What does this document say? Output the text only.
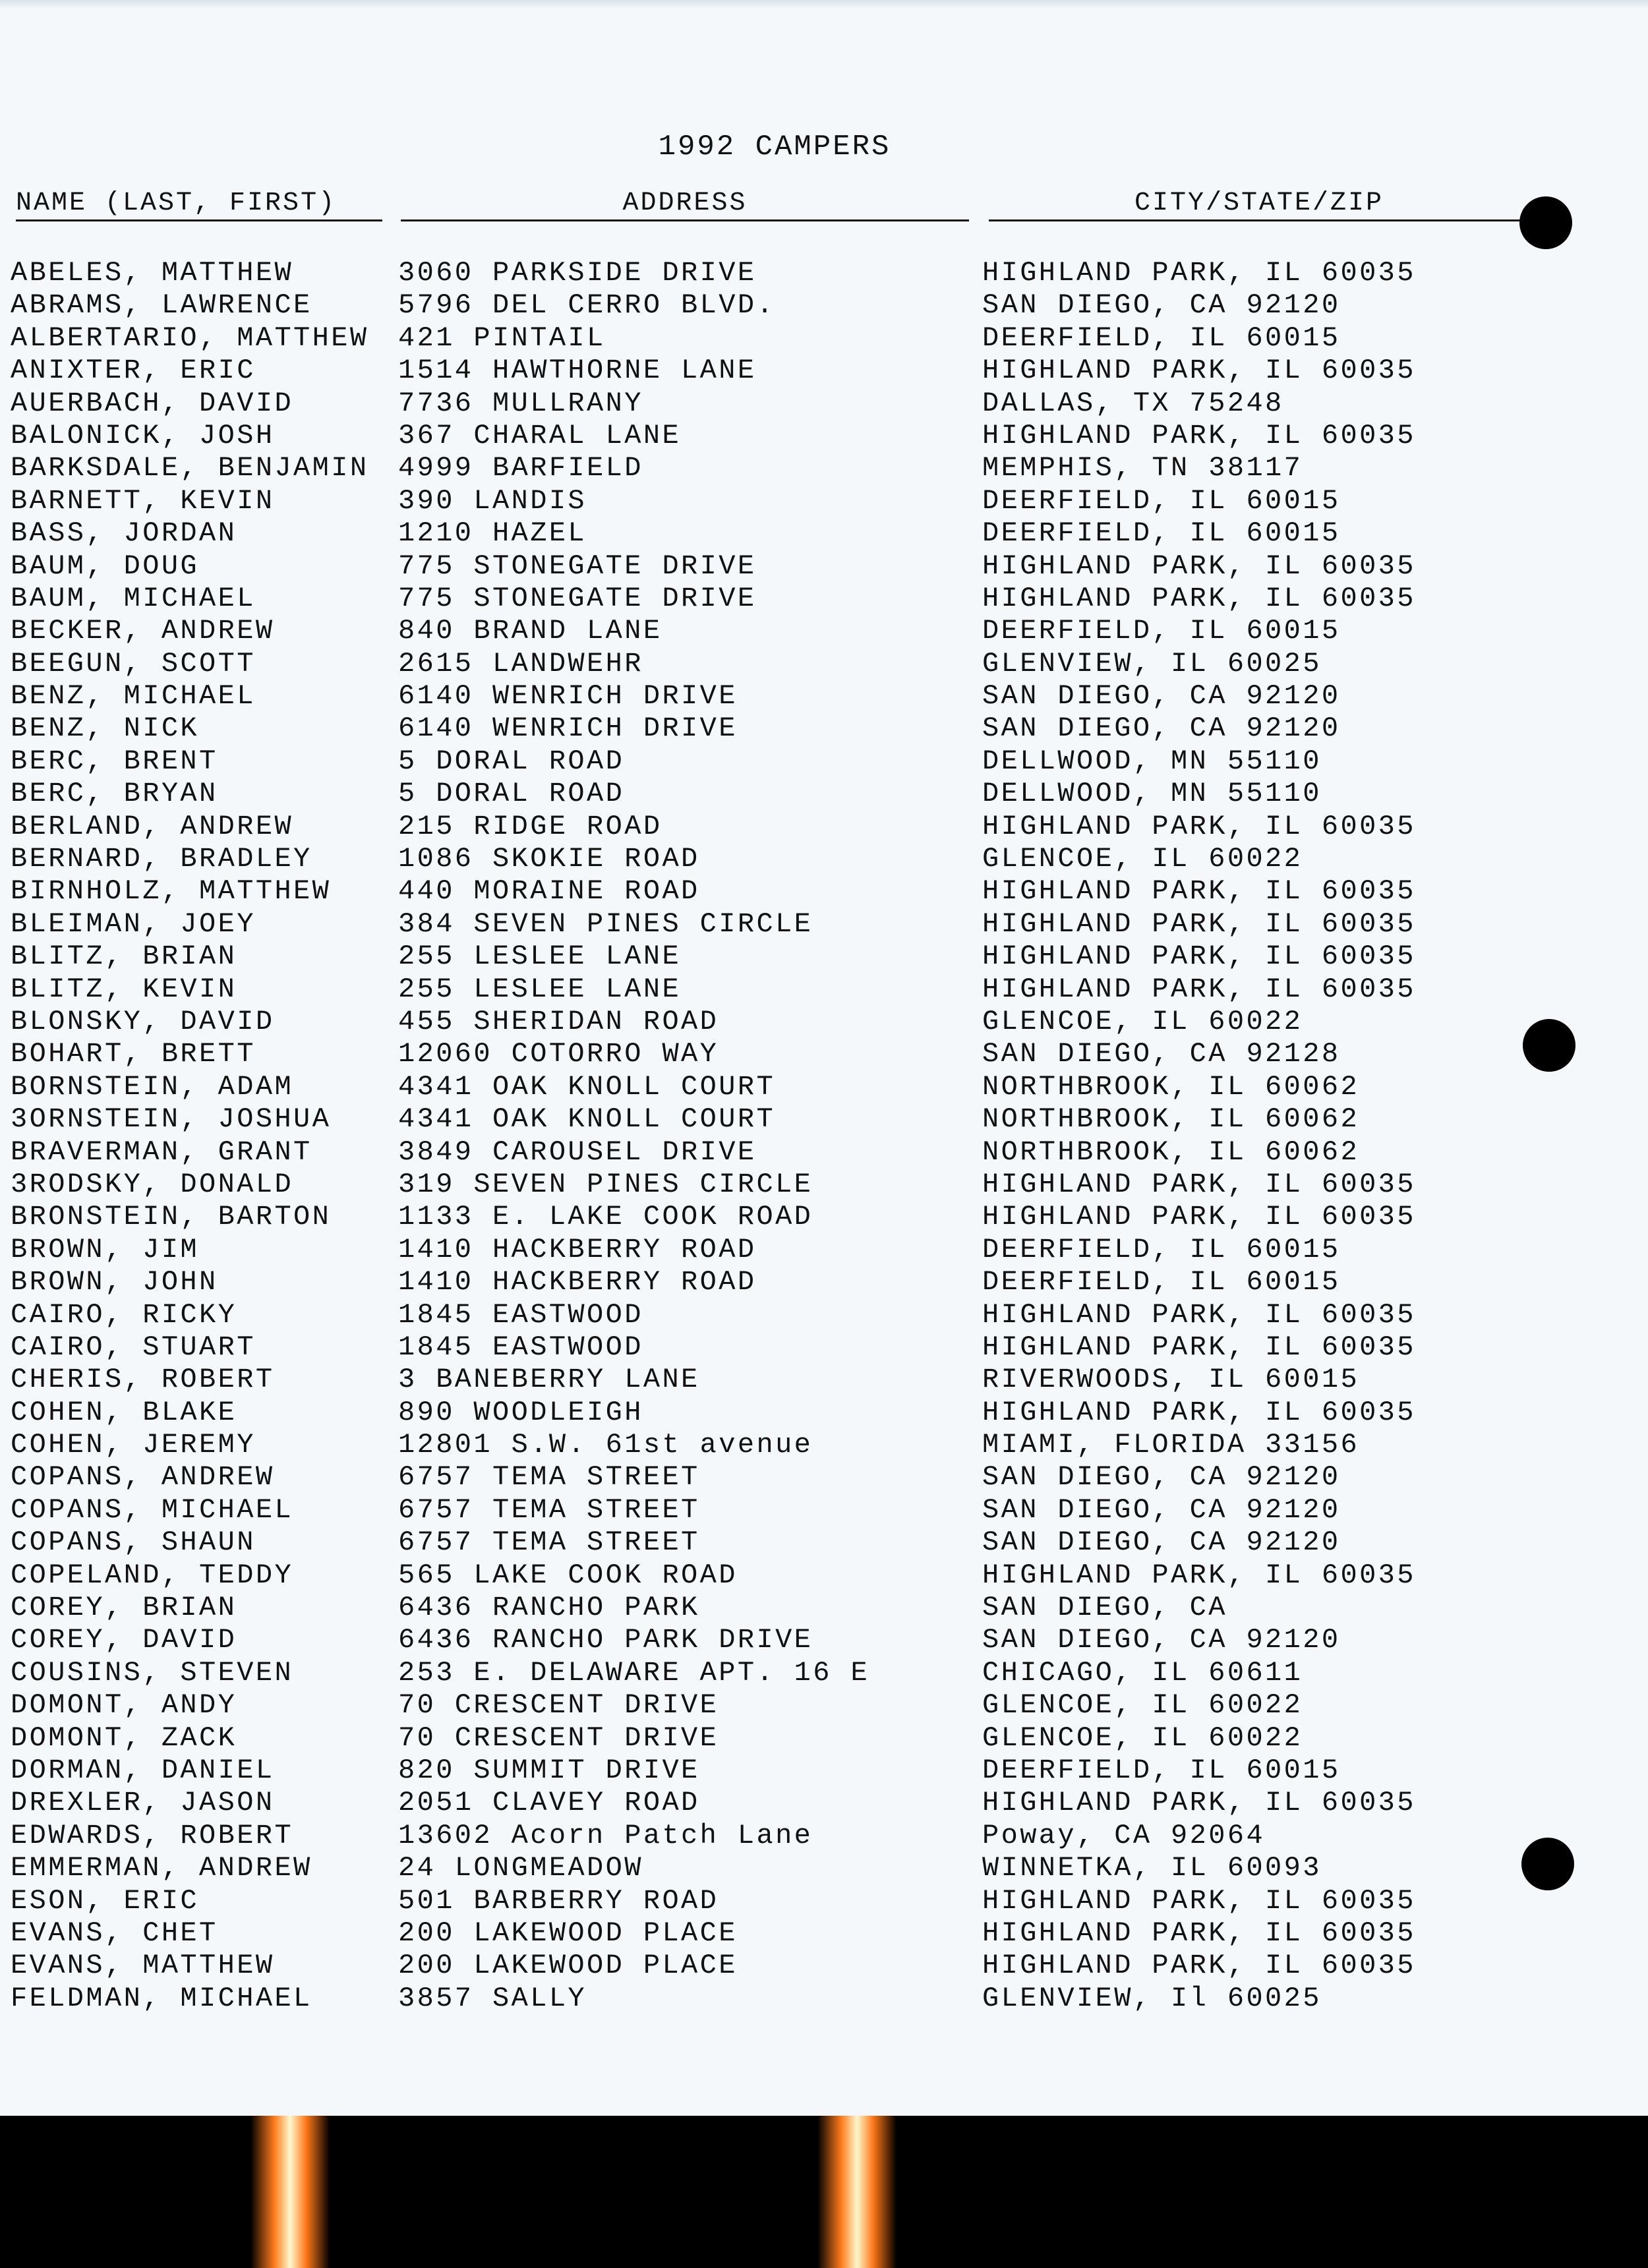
1992 CAMPERS
NAME (LAST, FIRST)	ADDRESS	CITY/STATE/ZIP
ABELES, MATTHEW	3060 PARKSIDE DRIVE	HIGHLAND PARK, IL 60035
ABRAMS, LAWRENCE	5796 DEL CERRO BLVD.	SAN DIEGO, CA 92120
ALBERTARIO, MATTHEW 421 PINTAIL	DEERFIELD, IL 60015
ANIXTER, ERIC	1514 HAWTHORNE LANE	HIGHLAND PARK, IL 60035
AUERBACH, DAVID	7736 MULLRANY	DALLAS, TX 75248
BALONICK, JOSH	367 CHARAL LANE	HIGHLAND PARK, IL 60035
BARKSDALE, BENJAMIN 4999 BARFIELD	MEMPHIS, TN 38117
BARNETT, KEVIN	390 LANDIS	DEERFIELD, IL 60015
BASS, JORDAN	1210 HAZEL	DEERFIELD, IL 60015
BAUM, DOUG	775 STONEGATE DRIVE	HIGHLAND PARK, IL 60035
BAUM, MICHAEL	775 STONEGATE DRIVE	HIGHLAND PARK, IL 60035
BECKER, ANDREW	840 BRAND LANE	DEERFIELD, IL 60015
BEEGUN, SCOTT	2615 LANDWEHR	GLENVIEW, IL 60025
BENZ, MICHAEL	6140 WENRICH DRIVE	SAN DIEGO, CA 92120
BENZ, NICK	6140 WENRICH DRIVE	SAN DIEGO, CA 92120
BERC, BRENT	5 DORAL ROAD	DELLWOOD, MN 55110
BERC, BRYAN	5 DORAL ROAD	DELLWOOD, MN 55110
BERLAND, ANDREW	215 RIDGE ROAD	HIGHLAND PARK, IL 60035
BERNARD, BRADLEY	1086 SKOKIE ROAD	GLENCOE, IL 60022
BIRNHOLZ, MATTHEW 440 MORAINE ROAD	HIGHLAND PARK, IL 60035
BLEIMAN, JOEY	384 SEVEN PINES CIRCLE	HIGHLAND PARK, IL 60035
BLITZ, BRIAN	255 LESLEE LANE	HIGHLAND PARK, IL 60035
BLITZ, KEVIN	255 LESLEE LANE	HIGHLAND PARK, IL 60035
BLONSKY, DAVID	455 SHERIDAN ROAD	GLENCOE, IL 60022
BOHART, BRETT	12060 COTORRO WAY	SAN DIEGO, CA 92128
BORNSTEIN, ADAM	4341 OAK KNOLL COURT	NORTHBROOK, IL 60062
3ORNSTEIN, JOSHUA 4341 OAK KNOLL COURT	NORTHBROOK, IL 60062
BRAVERMAN, GRANT	3849 CAROUSEL DRIVE	NORTHBROOK, IL 60062
3RODSKY, DONALD	319 SEVEN PINES CIRCLE	HIGHLAND PARK, IL 60035
BRONSTEIN, BARTON 1133 E. LAKE COOK ROAD	HIGHLAND PARK, IL 60035
BROWN, JIM	1410 HACKBERRY ROAD	DEERFIELD, IL 60015
BROWN, JOHN	1410 HACKBERRY ROAD	DEERFIELD, IL 60015
CAIRO, RICKY	1845 EASTWOOD	HIGHLAND PARK, IL 60035
CAIRO, STUART	1845 EASTWOOD	HIGHLAND PARK, IL 60035
CHERIS, ROBERT	3 BANEBERRY LANE	RIVERWOODS, IL 60015
COHEN, BLAKE	890 WOODLEIGH	HIGHLAND PARK, IL 60035
COHEN, JEREMY	12801 S.W. 61st avenue	MIAMI, FLORIDA 33156
COPANS, ANDREW	6757 TEMA STREET	SAN DIEGO, CA 92120
COPANS, MICHAEL	6757 TEMA STREET	SAN DIEGO, CA 92120
COPANS, SHAUN	6757 TEMA STREET	SAN DIEGO, CA 92120
COPELAND, TEDDY	565 LAKE COOK ROAD	HIGHLAND PARK, IL 60035
COREY, BRIAN	6436 RANCHO PARK	SAN DIEGO, CA
COREY, DAVID	6436 RANCHO PARK DRIVE	SAN DIEGO, CA 92120
COUSINS, STEVEN	253 E. DELAWARE APT. 16 E	CHICAGO, IL 60611
DOMONT, ANDY	70 CRESCENT DRIVE	GLENCOE, IL 60022
DOMONT, ZACK	70 CRESCENT DRIVE	GLENCOE, IL 60022
DORMAN, DANIEL	820 SUMMIT DRIVE	DEERFIELD, IL 60015
DREXLER, JASON	2051 CLAVEY ROAD	HIGHLAND PARK, IL 60035
EDWARDS, ROBERT	13602 Acorn Patch Lane	Poway, CA 92064
EMMERMAN, ANDREW	24 LONGMEADOW	WINNETKA, IL 60093
ESON, ERIC	501 BARBERRY ROAD	HIGHLAND PARK, IL 60035
EVANS, CHET	200 LAKEWOOD PLACE	HIGHLAND PARK, IL 60035
EVANS, MATTHEW	200 LAKEWOOD PLACE	HIGHLAND PARK, IL 60035
FELDMAN, MICHAEL	3857 SALLY	GLENVIEW, Il 60025
